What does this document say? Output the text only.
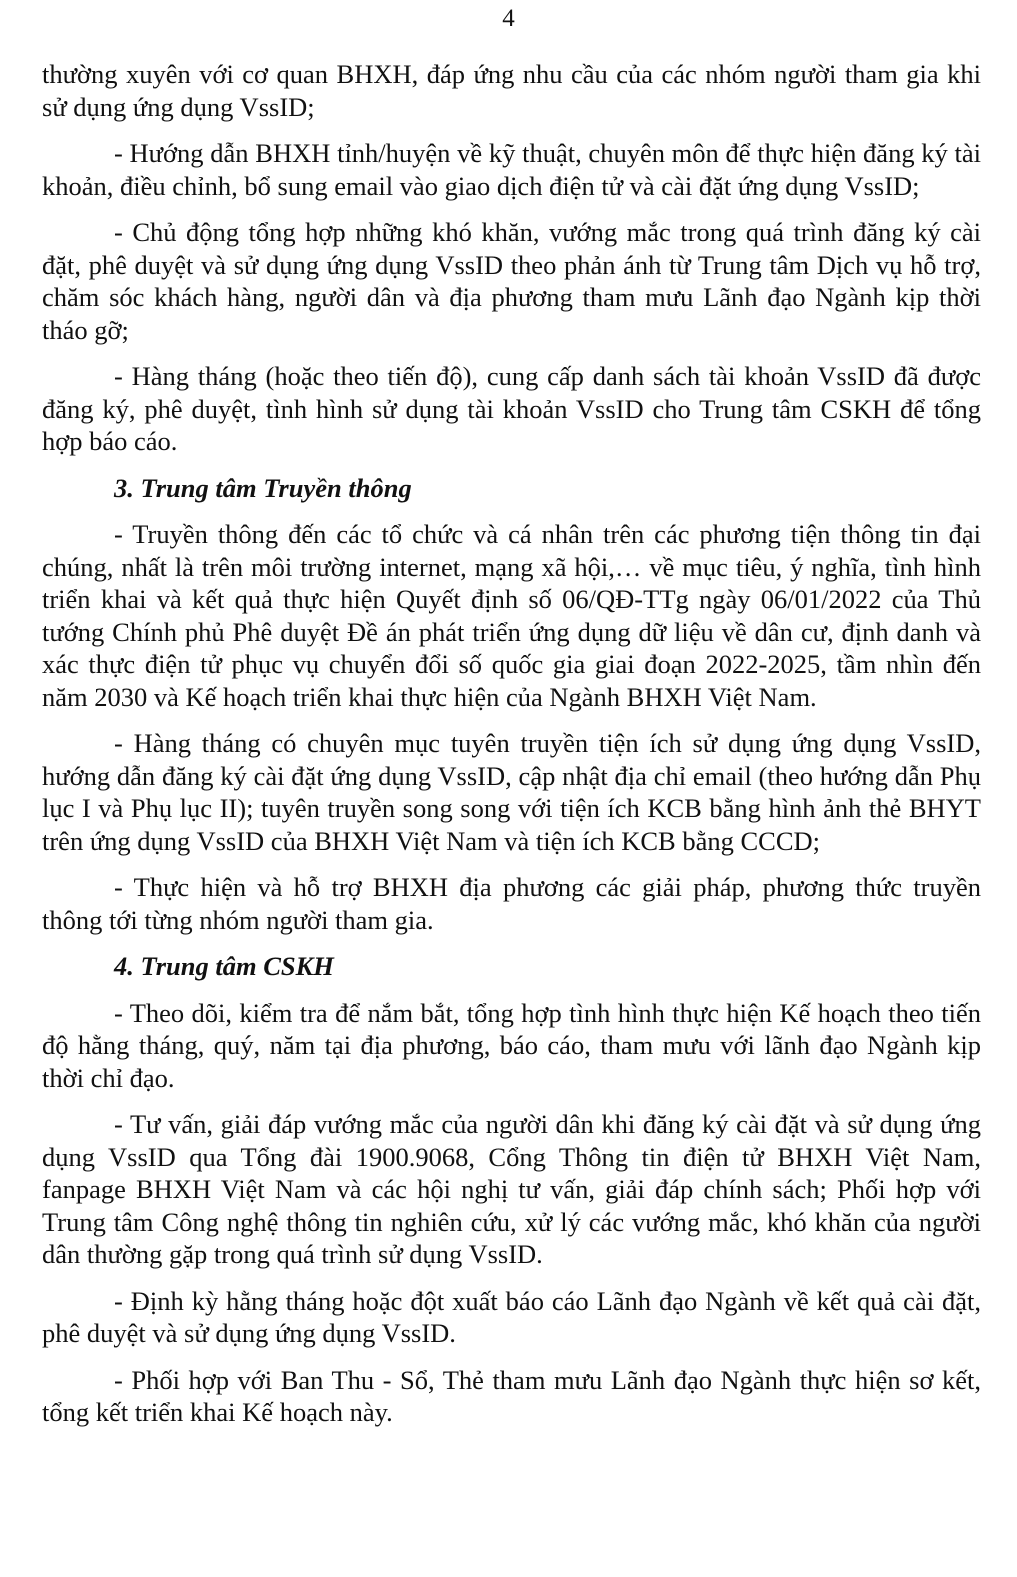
4

thường xuyên với cơ quan BHXH, đáp ứng nhu cầu của các nhóm người tham gia khi sử dụng ứng dụng VssID;

- Hướng dẫn BHXH tỉnh/huyện về kỹ thuật, chuyên môn để thực hiện đăng ký tài khoản, điều chỉnh, bổ sung email vào giao dịch điện tử và cài đặt ứng dụng VssID;

- Chủ động tổng hợp những khó khăn, vướng mắc trong quá trình đăng ký cài đặt, phê duyệt và sử dụng ứng dụng VssID theo phản ánh từ Trung tâm Dịch vụ hỗ trợ, chăm sóc khách hàng, người dân và địa phương tham mưu Lãnh đạo Ngành kịp thời tháo gỡ;

- Hàng tháng (hoặc theo tiến độ), cung cấp danh sách tài khoản VssID đã được đăng ký, phê duyệt, tình hình sử dụng tài khoản VssID cho Trung tâm CSKH để tổng hợp báo cáo.

3. Trung tâm Truyền thông

- Truyền thông đến các tổ chức và cá nhân trên các phương tiện thông tin đại chúng, nhất là trên môi trường internet, mạng xã hội,… về mục tiêu, ý nghĩa, tình hình triển khai và kết quả thực hiện Quyết định số 06/QĐ-TTg ngày 06/01/2022 của Thủ tướng Chính phủ Phê duyệt Đề án phát triển ứng dụng dữ liệu về dân cư, định danh và xác thực điện tử phục vụ chuyển đổi số quốc gia giai đoạn 2022-2025, tầm nhìn đến năm 2030 và Kế hoạch triển khai thực hiện của Ngành BHXH Việt Nam.

- Hàng tháng có chuyên mục tuyên truyền tiện ích sử dụng ứng dụng VssID, hướng dẫn đăng ký cài đặt ứng dụng VssID, cập nhật địa chỉ email (theo hướng dẫn Phụ lục I và Phụ lục II); tuyên truyền song song với tiện ích KCB bằng hình ảnh thẻ BHYT trên ứng dụng VssID của BHXH Việt Nam và tiện ích KCB bằng CCCD;

- Thực hiện và hỗ trợ BHXH địa phương các giải pháp, phương thức truyền thông tới từng nhóm người tham gia.

4. Trung tâm CSKH

- Theo dõi, kiểm tra để nắm bắt, tổng hợp tình hình thực hiện Kế hoạch theo tiến độ hằng tháng, quý, năm tại địa phương, báo cáo, tham mưu với lãnh đạo Ngành kịp thời chỉ đạo.

- Tư vấn, giải đáp vướng mắc của người dân khi đăng ký cài đặt và sử dụng ứng dụng VssID qua Tổng đài 1900.9068, Cổng Thông tin điện tử BHXH Việt Nam, fanpage BHXH Việt Nam và các hội nghị tư vấn, giải đáp chính sách; Phối hợp với Trung tâm Công nghệ thông tin nghiên cứu, xử lý các vướng mắc, khó khăn của người dân thường gặp trong quá trình sử dụng VssID.

- Định kỳ hằng tháng hoặc đột xuất báo cáo Lãnh đạo Ngành về kết quả cài đặt, phê duyệt và sử dụng ứng dụng VssID.

- Phối hợp với Ban Thu - Sổ, Thẻ tham mưu Lãnh đạo Ngành thực hiện sơ kết, tổng kết triển khai Kế hoạch này.
